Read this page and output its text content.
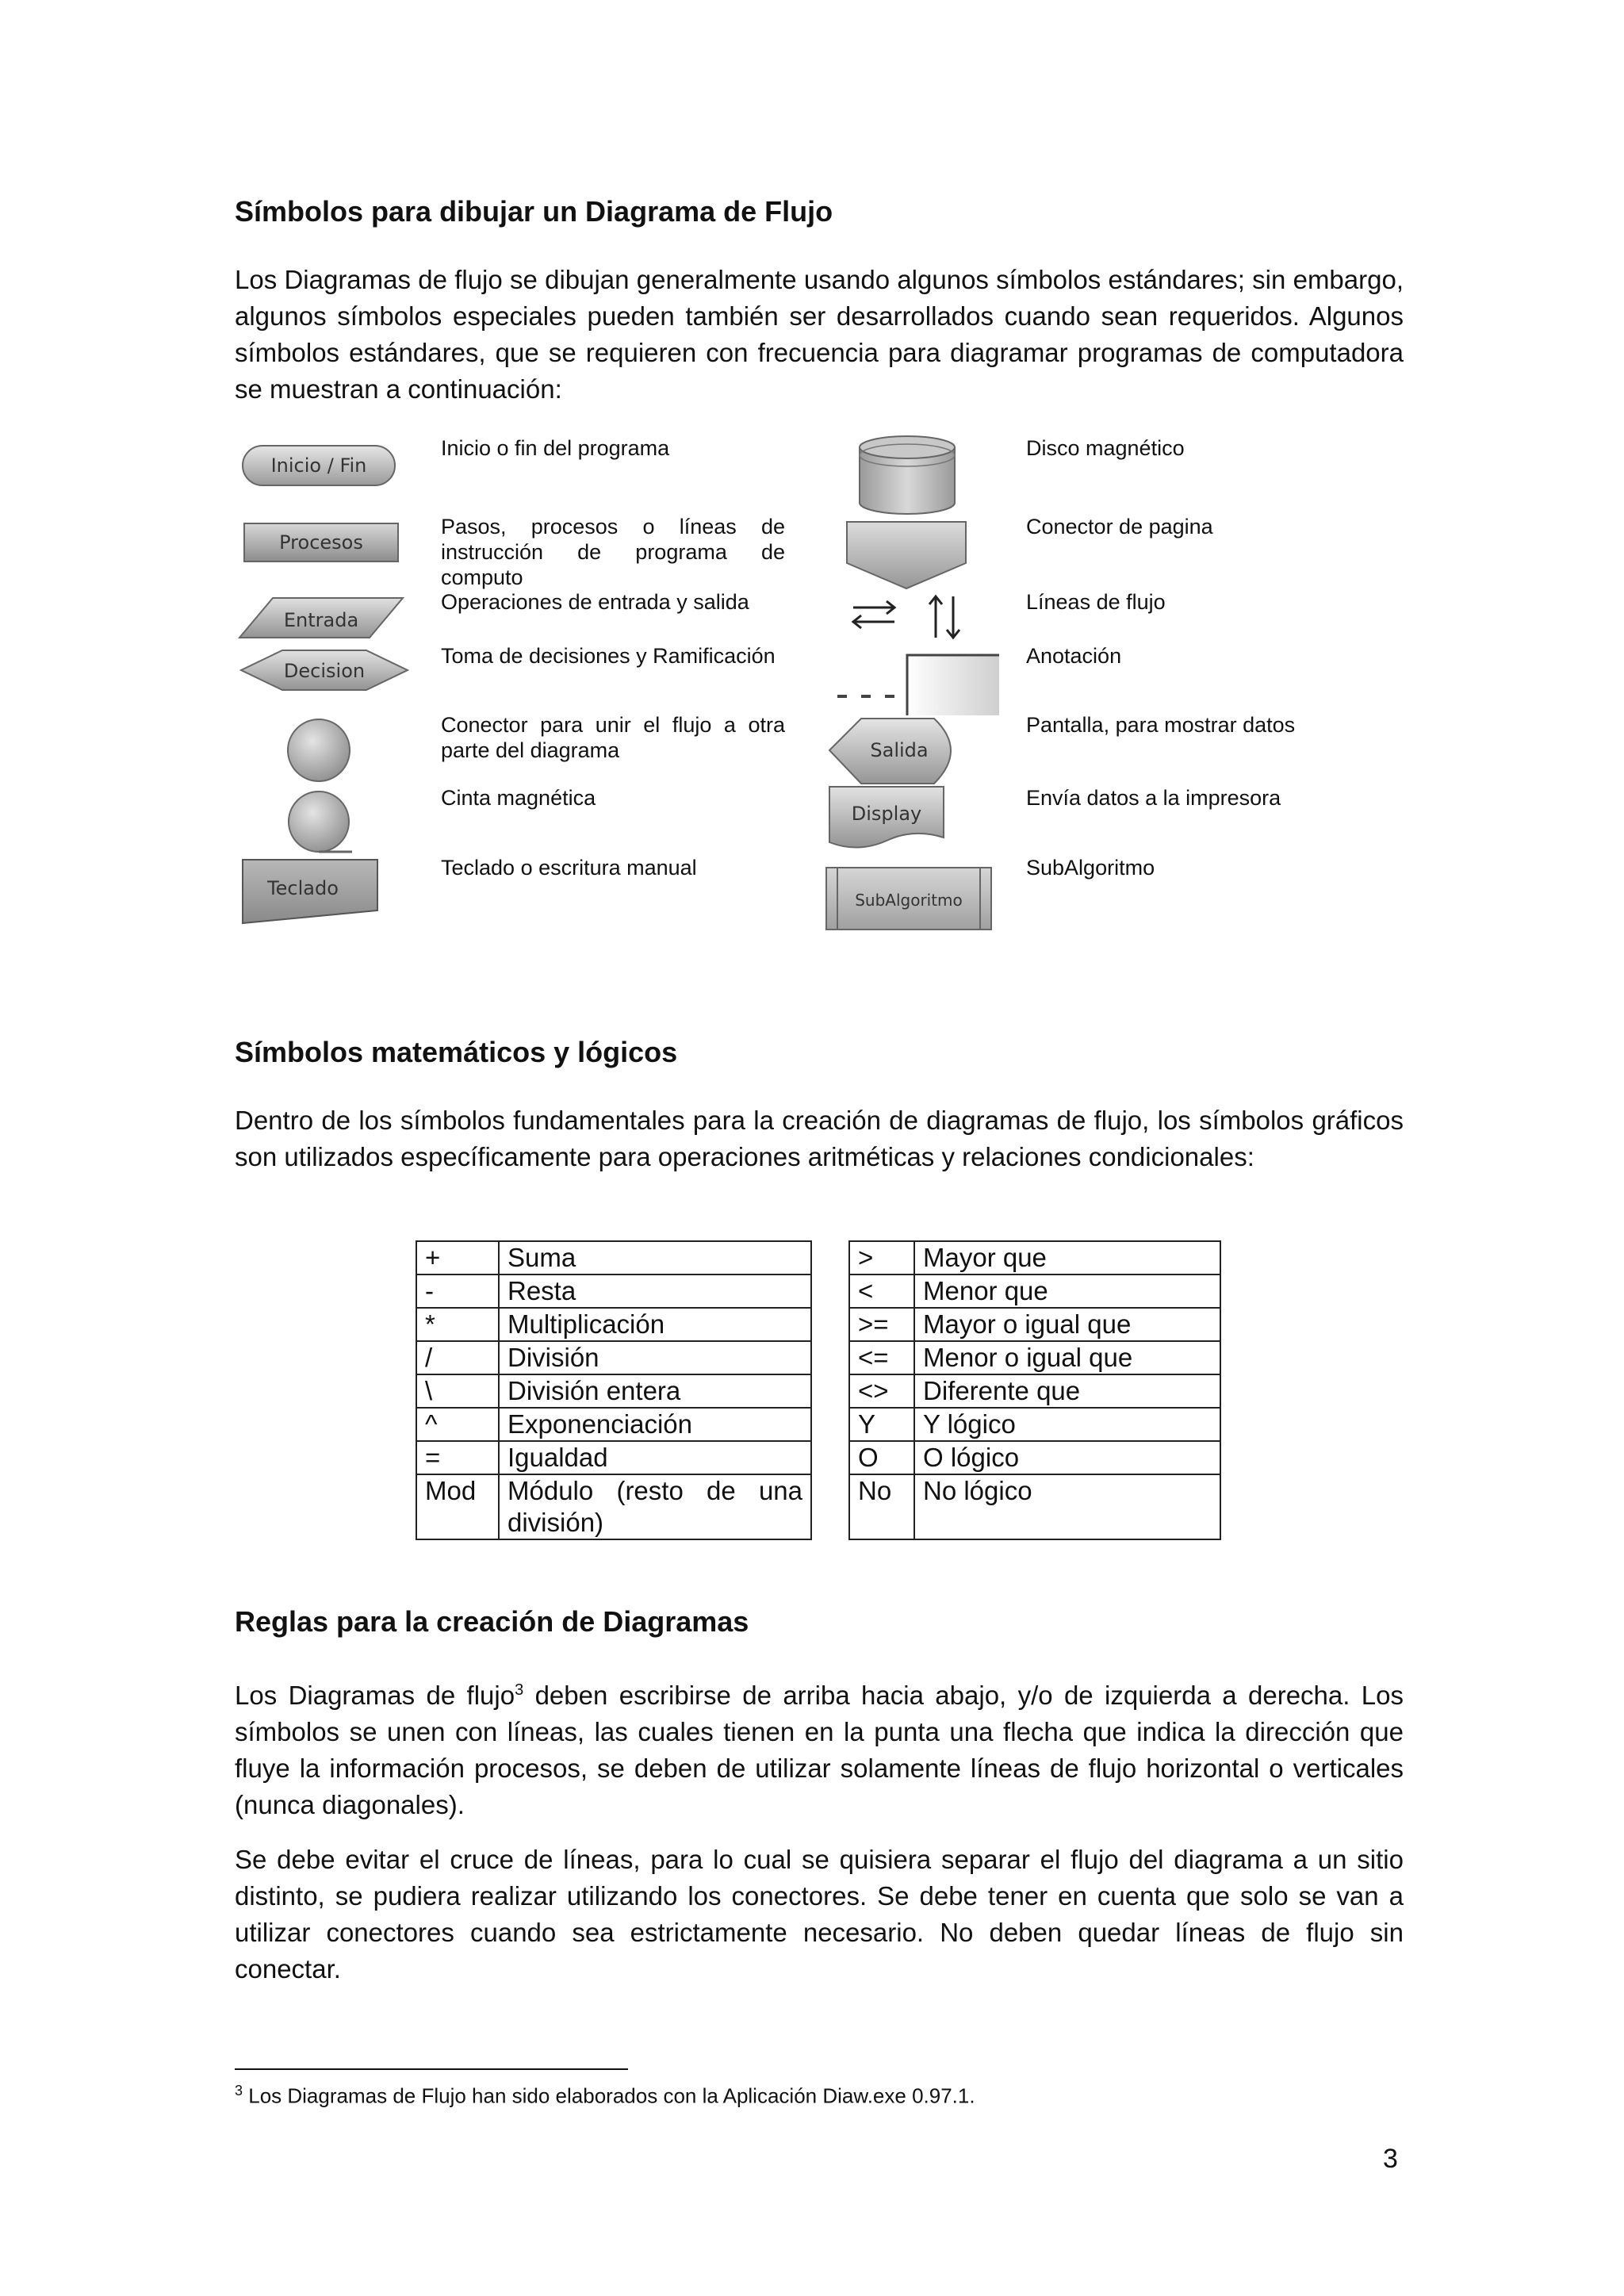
Símbolos para dibujar un Diagrama de Flujo

Los Diagramas de flujo se dibujan generalmente usando algunos símbolos estándares; sin embargo, algunos símbolos especiales pueden también ser desarrollados cuando sean requeridos. Algunos símbolos estándares, que se requieren con frecuencia para diagramar programas de computadora se muestran a continuación:

Inicio / Fin
Procesos
Entrada
Decision
Teclado
Inicio o fin del programa
Pasos, procesos o líneas de instrucción de programa de computo
Operaciones de entrada y salida
Toma de decisiones y Ramificación
Conector para unir el flujo a otra parte del diagrama
Cinta magnética
Teclado o escritura manual
Salida
Display
SubAlgoritmo
Disco magnético
Conector de pagina
Líneas de flujo
Anotación
Pantalla, para mostrar datos
Envía datos a la impresora
SubAlgoritmo
Símbolos matemáticos y lógicos

Dentro de los símbolos fundamentales para la creación de diagramas de flujo, los símbolos gráficos son utilizados específicamente para operaciones aritméticas y relaciones condicionales:

+	Suma
-	Resta
*	Multiplicación
/	División
\	División entera
^	Exponenciación
=	Igualdad
Mod	Módulo (resto de una división)
>	Mayor que
<	Menor que
>=	Mayor o igual que
<=	Menor o igual que
<>	Diferente que
Y	Y lógico
O	O lógico
No	No lógico
Reglas para la creación de Diagramas

Los Diagramas de flujo$^3$ deben escribirse de arriba hacia abajo, y/o de izquierda a derecha. Los símbolos se unen con líneas, las cuales tienen en la punta una flecha que indica la dirección que fluye la información procesos, se deben de utilizar solamente líneas de flujo horizontal o verticales (nunca diagonales).

Se debe evitar el cruce de líneas, para lo cual se quisiera separar el flujo del diagrama a un sitio distinto, se pudiera realizar utilizando los conectores. Se debe tener en cuenta que solo se van a utilizar conectores cuando sea estrictamente necesario. No deben quedar líneas de flujo sin conectar.

$^3$ Los Diagramas de Flujo han sido elaborados con la Aplicación Diaw.exe 0.97.1.
3
